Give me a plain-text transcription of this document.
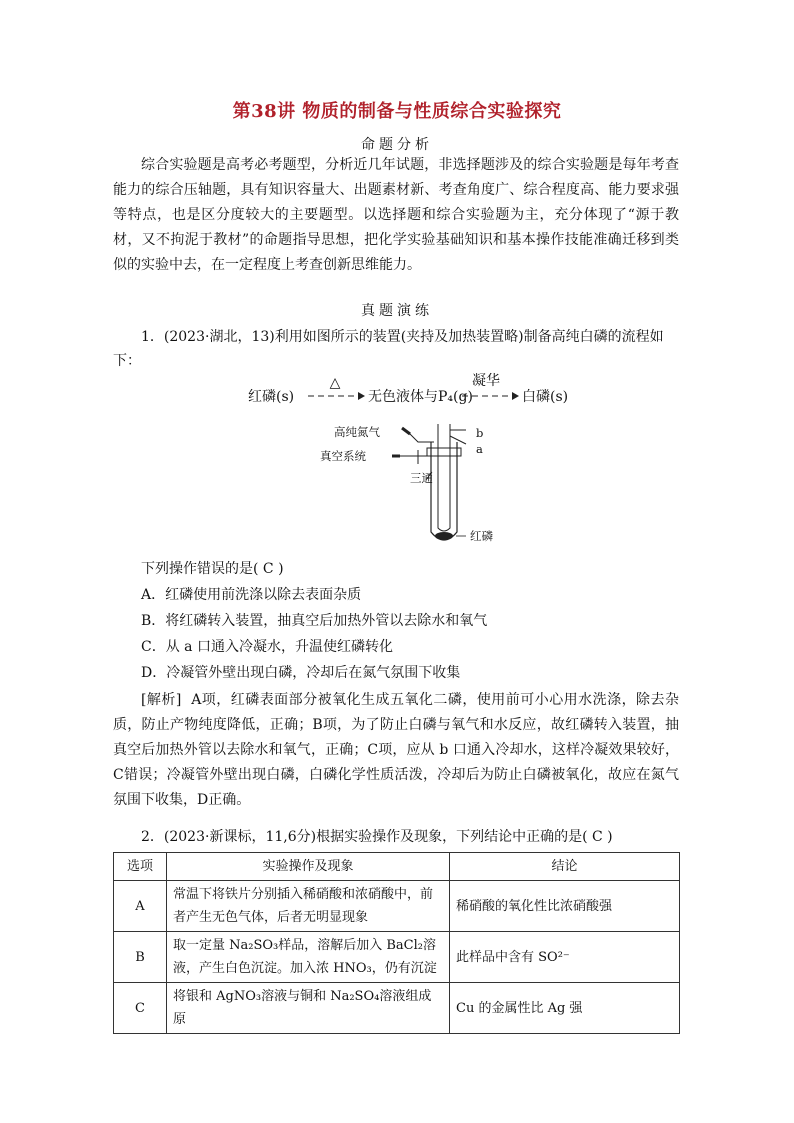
第38讲 物质的制备与性质综合实验探究
命题分析
综合实验题是高考必考题型，分析近几年试题，非选择题涉及的综合实验题是每年考查能力的综合压轴题，具有知识容量大、出题素材新、考查角度广、综合程度高、能力要求强等特点，也是区分度较大的主要题型。以选择题和综合实验题为主，充分体现了“源于教材，又不拘泥于教材”的命题指导思想，把化学实验基础知识和基本操作技能准确迁移到类似的实验中去，在一定程度上考查创新思维能力。
真题演练
1．(2023·湖北，13)利用如图所示的装置(夹持及加热装置略)制备高纯白磷的流程如
下：
红磷(s)
△
无色液体与P₄(g)
凝华
白磷(s)
高纯氮气
真空系统
三通
b
a
红磷
下列操作错误的是( C )
A．红磷使用前洗涤以除去表面杂质
B．将红磷转入装置，抽真空后加热外管以去除水和氧气
C．从 a 口通入冷凝水，升温使红磷转化
D．冷凝管外壁出现白磷，冷却后在氮气氛围下收集
[解析] A项，红磷表面部分被氧化生成五氧化二磷，使用前可小心用水洗涤，除去杂质，防止产物纯度降低，正确；B项，为了防止白磷与氧气和水反应，故红磷转入装置，抽真空后加热外管以去除水和氧气，正确；C项，应从 b 口通入冷却水，这样冷凝效果较好，C错误；冷凝管外壁出现白磷，白磷化学性质活泼，冷却后为防止白磷被氧化，故应在氮气氛围下收集，D正确。
2．(2023·新课标，11,6分)根据实验操作及现象，下列结论中正确的是( C )
选项	实验操作及现象	结论
A	常温下将铁片分别插入稀硝酸和浓硝酸中，前者产生无色气体，后者无明显现象	稀硝酸的氧化性比浓硝酸强
B	取一定量 Na₂SO₃样品，溶解后加入 BaCl₂溶液，产生白色沉淀。加入浓 HNO₃，仍有沉淀	此样品中含有 SO²⁻
C	将银和 AgNO₃溶液与铜和 Na₂SO₄溶液组成原	Cu 的金属性比 Ag 强
